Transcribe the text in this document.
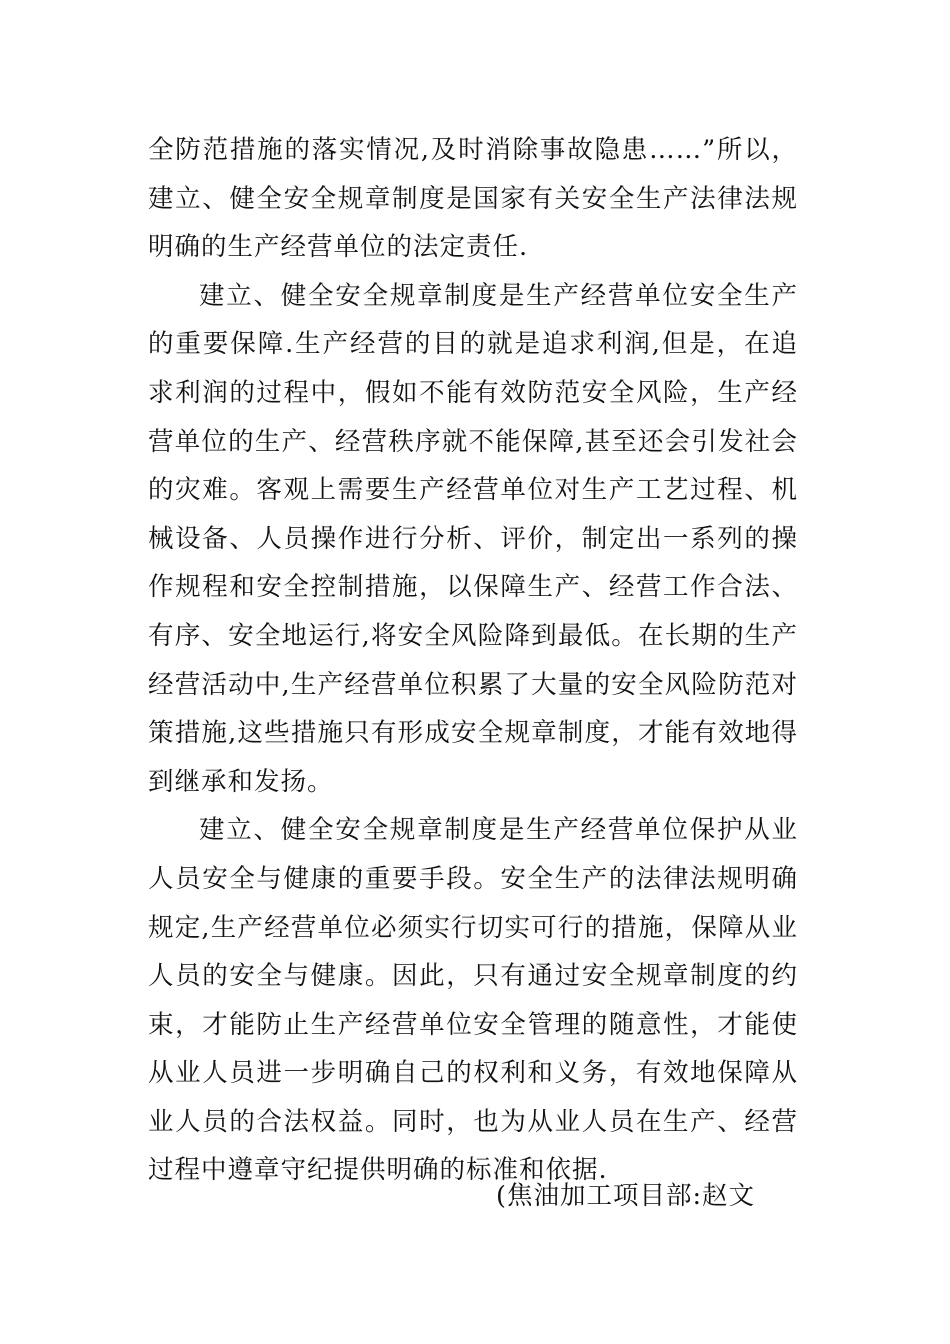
全防范措施的落实情况,及时消除事故隐患……”所以，建立、健全安全规章制度是国家有关安全生产法律法规明确的生产经营单位的法定责任.

建立、健全安全规章制度是生产经营单位安全生产的重要保障.生产经营的目的就是追求利润,但是，在追求利润的过程中，假如不能有效防范安全风险，生产经营单位的生产、经营秩序就不能保障,甚至还会引发社会的灾难。客观上需要生产经营单位对生产工艺过程、机械设备、人员操作进行分析、评价，制定出一系列的操作规程和安全控制措施，以保障生产、经营工作合法、有序、安全地运行,将安全风险降到最低。在长期的生产经营活动中,生产经营单位积累了大量的安全风险防范对策措施,这些措施只有形成安全规章制度，才能有效地得到继承和发扬。

建立、健全安全规章制度是生产经营单位保护从业人员安全与健康的重要手段。安全生产的法律法规明确规定,生产经营单位必须实行切实可行的措施，保障从业人员的安全与健康。因此，只有通过安全规章制度的约束，才能防止生产经营单位安全管理的随意性，才能使从业人员进一步明确自己的权利和义务，有效地保障从业人员的合法权益。同时，也为从业人员在生产、经营过程中遵章守纪提供明确的标准和依据.

(焦油加工项目部:赵文
